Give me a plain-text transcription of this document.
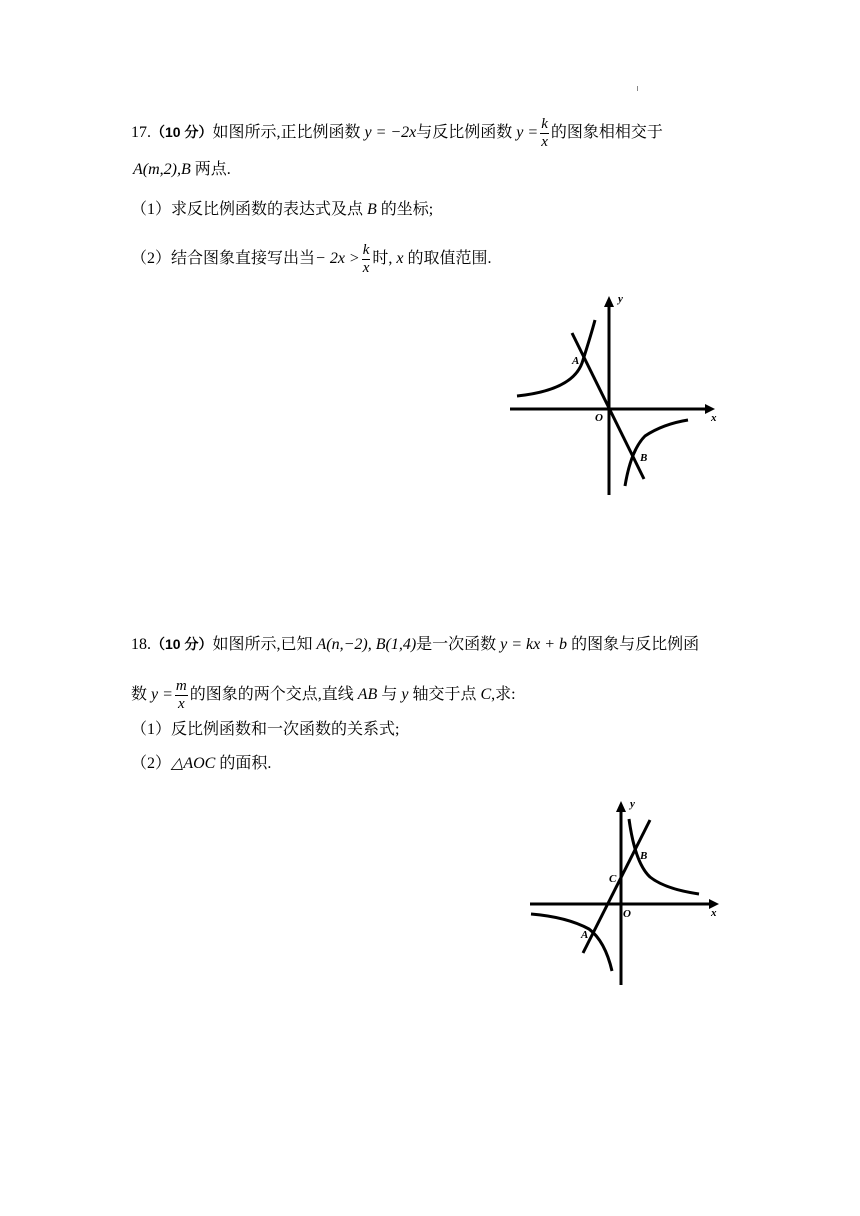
17.（10 分）如图所示,正比例函数 y = −2x与反比例函数 $y = \frac{k}{x}$ 的图象相相交于
A(m,2),B 两点.
（1）求反比例函数的表达式及点 B 的坐标;
（2）结合图象直接写出当− $2x > \frac{k}{x}$ 时, x 的取值范围.
y
x
O
A
B
18.（10 分）如图所示,已知 A(n,−2), B(1,4)是一次函数 y = kx + b 的图象与反比例函
数 $y = \frac{m}{x}$ 的图象的两个交点,直线 AB 与 y 轴交于点 C,求:
（1）反比例函数和一次函数的关系式;
（2）△AOC 的面积.
y
x
O
A
B
C
